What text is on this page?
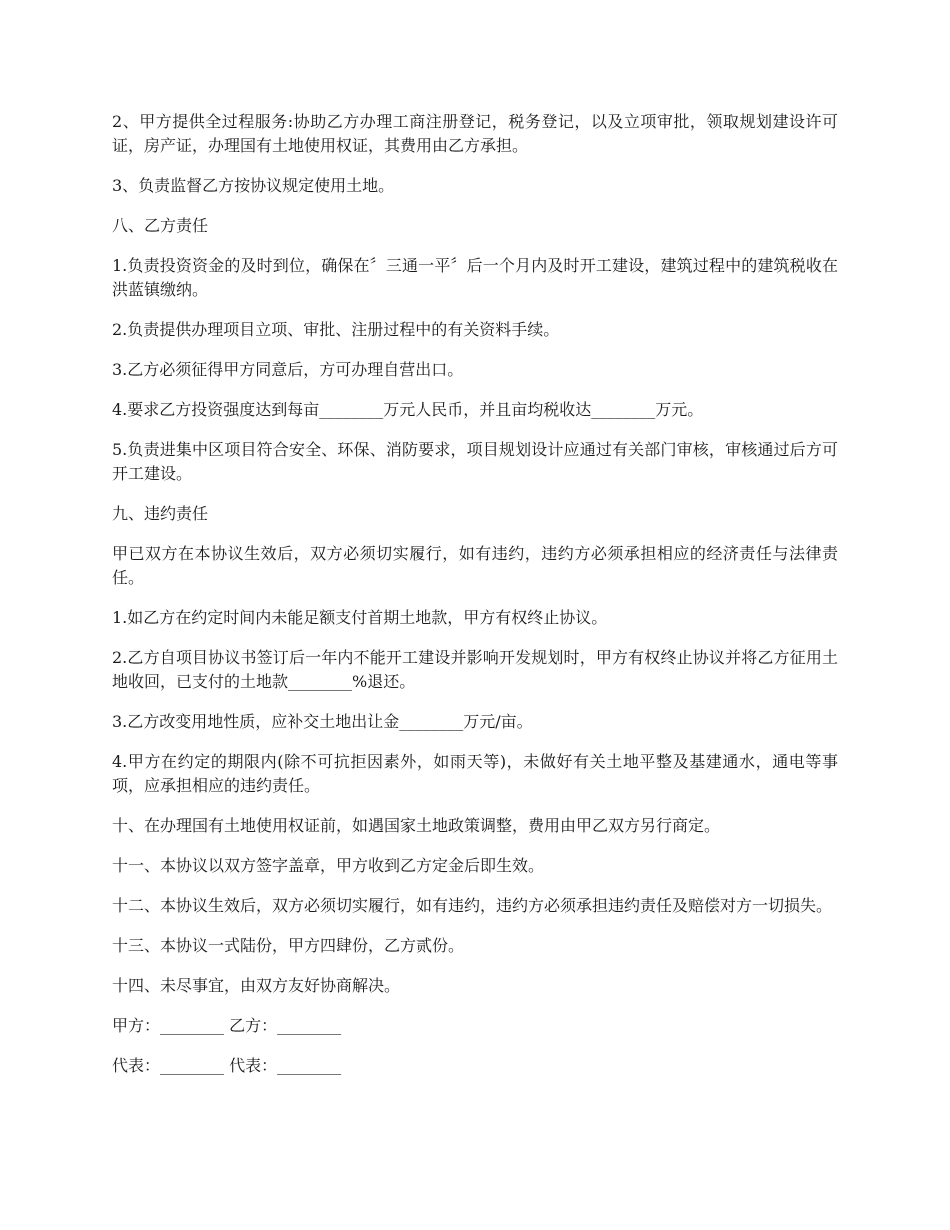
2、甲方提供全过程服务:协助乙方办理工商注册登记，税务登记，以及立项审批，领取规划建设许可证，房产证，办理国有土地使用权证，其费用由乙方承担。

3、负责监督乙方按协议规定使用土地。

八、乙方责任

1.负责投资资金的及时到位，确保在〞三通一平〞后一个月内及时开工建设，建筑过程中的建筑税收在洪蓝镇缴纳。

2.负责提供办理项目立项、审批、注册过程中的有关资料手续。

3.乙方必须征得甲方同意后，方可办理自营出口。

4.要求乙方投资强度达到每亩________万元人民币，并且亩均税收达________万元。

5.负责进集中区项目符合安全、环保、消防要求，项目规划设计应通过有关部门审核，审核通过后方可开工建设。

九、违约责任

甲已双方在本协议生效后，双方必须切实履行，如有违约，违约方必须承担相应的经济责任与法律责任。

1.如乙方在约定时间内未能足额支付首期土地款，甲方有权终止协议。

2.乙方自项目协议书签订后一年内不能开工建设并影响开发规划时，甲方有权终止协议并将乙方征用土地收回，已支付的土地款________%退还。

3.乙方改变用地性质，应补交土地出让金________万元/亩。

4.甲方在约定的期限内(除不可抗拒因素外，如雨天等)，未做好有关土地平整及基建通水，通电等事项，应承担相应的违约责任。

十、在办理国有土地使用权证前，如遇国家土地政策调整，费用由甲乙双方另行商定。

十一、本协议以双方签字盖章，甲方收到乙方定金后即生效。

十二、本协议生效后，双方必须切实履行，如有违约，违约方必须承担违约责任及赔偿对方一切损失。

十三、本协议一式陆份，甲方四肆份，乙方贰份。

十四、未尽事宜，由双方友好协商解决。

甲方：________ 乙方：________

代表：________ 代表：________
